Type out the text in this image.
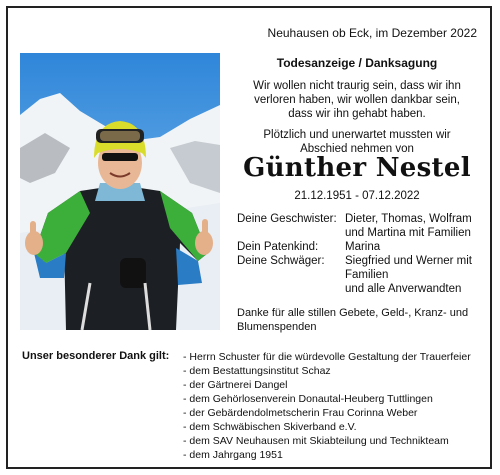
Neuhausen ob Eck, im Dezember 2022
Todesanzeige / Danksagung
Wir wollen nicht traurig sein, dass wir ihn
verloren haben, wir wollen dankbar sein,
dass wir ihn gehabt haben.
Plötzlich und unerwartet mussten wir
Abschied nehmen von
Günther Nestel
21.12.1951 - 07.12.2022
Deine Geschwister: Dieter, Thomas, Wolfram
und Martina mit Familien
Dein Patenkind:	Marina
Deine Schwäger:	Siegfried und Werner mit
Familien
und alle Anverwandten
Danke für alle stillen Gebete, Geld-, Kranz- und
Blumenspenden
Unser besonderer Dank gilt: - Herrn Schuster für die würdevolle Gestaltung der Trauerfeier
- dem Bestattungsinstitut Schaz
- der Gärtnerei Dangel
- dem Gehörlosenverein Donautal-Heuberg Tuttlingen
- der Gebärdendolmetscherin Frau Corinna Weber
- dem Schwäbischen Skiverband e.V.
- dem SAV Neuhausen mit Skiabteilung und Technikteam
- dem Jahrgang 1951
